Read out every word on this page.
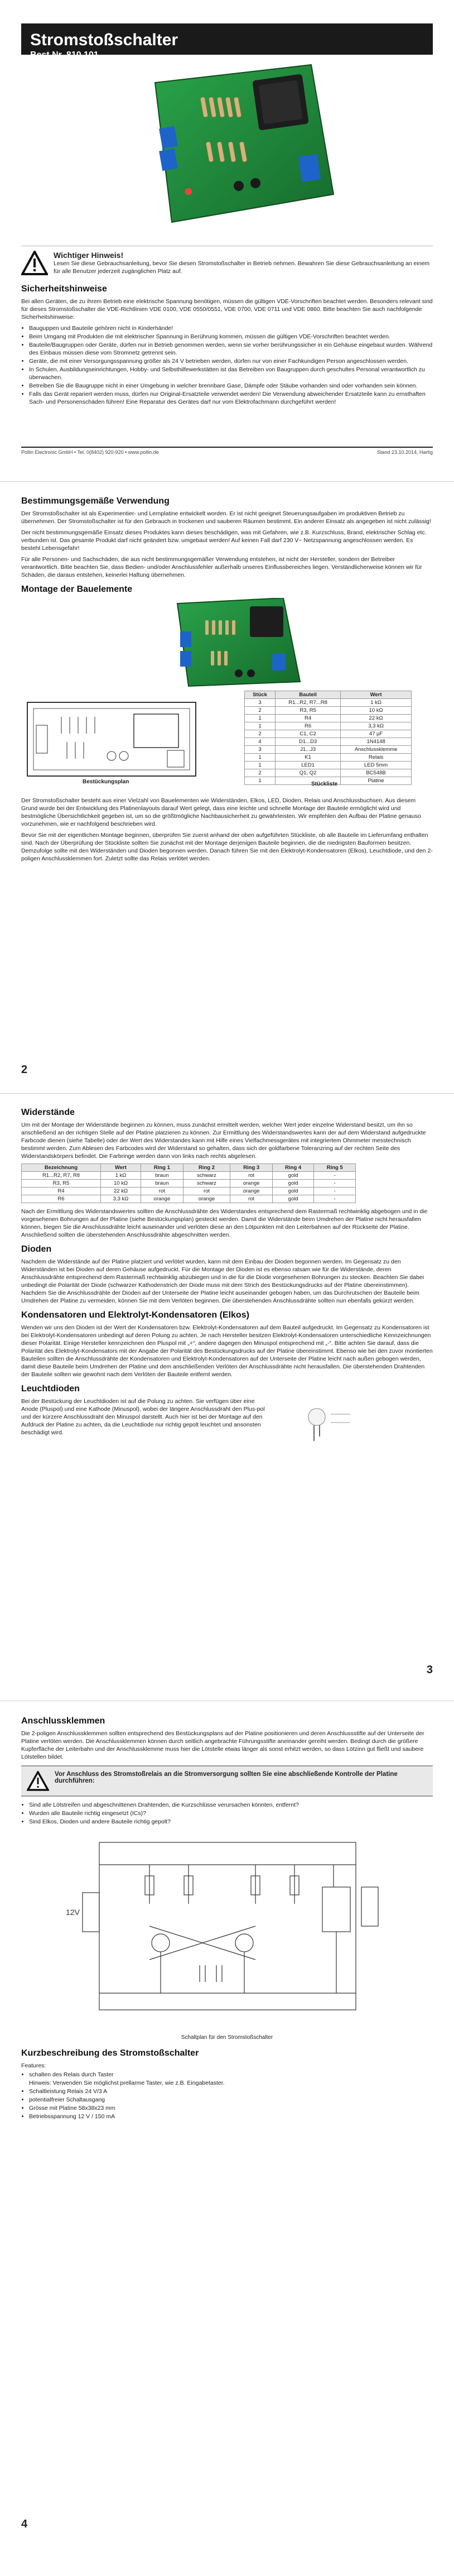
Stromstoßschalter
Best.Nr. 810 101
Wichtiger Hinweis!
Lesen Sie diese Gebrauchsanleitung, bevor Sie diesen Stromstoßschalter in Betrieb nehmen. Bewahren Sie diese Gebrauchsanleitung an einem für alle Benutzer jederzeit zugänglichen Platz auf.
Sicherheitshinweise
Bei allen Geräten, die zu ihrem Betrieb eine elektrische Spannung benötigen, müssen die gültigen VDE-Vorschriften beachtet werden. Besonders relevant sind für dieses Stromstoßschalter die VDE-Richtlinien VDE 0100, VDE 0550/0551, VDE 0700, VDE 0711 und VDE 0860. Bitte beachten Sie auch nachfolgende Sicherheitshinweise:
• Bauguppen und Bauteile gehören nicht in Kinderhände!
• Beim Umgang mit Produkten die mit elektrischer Spannung in Berührung kommen, müssen die gültigen VDE-Vorschriften beachtet werden.
• Bauteile/Baugruppen oder Geräte, dürfen nur in Betrieb genommen werden, wenn sie vorher berührungssicher in ein Gehäuse eingebaut wurden. Während des Einbaus müssen diese vom Stromnetz getrennt sein.
• Geräte, die mit einer Versorgungsspannung größer als 24 V betrieben werden, dürfen nur von einer Fachkundigen Person angeschlossen werden.
• In Schulen, Ausbildungseinrichtungen, Hobby- und Selbsthilfewerkstätten ist das Betreiben von Baugruppen durch geschultes Personal verantwortlich zu überwachen.
• Betreiben Sie die Baugruppe nicht in einer Umgebung in welcher brennbare Gase, Dämpfe oder Stäube vorhanden sind oder vorhanden sein können.
• Falls das Gerät repariert werden muss, dürfen nur Original-Ersatzteile verwendet werden! Die Verwendung abweichender Ersatzteile kann zu ernsthaften Sach- und Personenschäden führen! Eine Reparatur des Gerätes darf nur vom Elektrofachmann durchgeführt werden!
Pollin Electronic GmbH • Tel. 0(8402) 920-920 • www.pollin.de	Stand 23.10.2014, Hartig
Bestimmungsgemäße Verwendung
Der Stromstoßschalter ist als Experimentier- und Lernplatine entwickelt worden. Er ist nicht geeignet Steuerungsaufgaben im produktiven Betrieb zu übernehmen. Der Stromstoßschalter ist für den Gebrauch in trockenen und sauberen Räumen bestimmt. Ein anderer Einsatz als angegeben ist nicht zulässig!
Der nicht bestimmungsgemäße Einsatz dieses Produktes kann dieses beschädigen, was mit Gefahren, wie z.B. Kurzschluss, Brand, elektrischer Schlag etc. verbunden ist. Das gesamte Produkt darf nicht geändert bzw. umgebaut werden! Auf keinen Fall darf 230 V~ Netzspannung angeschlossen werden. Es besteht Lebensgefahr!
Für alle Personen- und Sachschäden, die aus nicht bestimmungsgemäßer Verwendung entstehen, ist nicht der Hersteller, sondern der Betreiber verantwortlich. Bitte beachten Sie, dass Bedien- und/oder Anschlussfehler außerhalb unseres Einflussbereiches liegen. Verständlicherweise können wir für Schäden, die daraus entstehen, keinerlei Haftung übernehmen.
Montage der Bauelemente
Bestückungsplan
Stück	Bauteil	Wert
3	R1...R2, R7...R8	1 kΩ
2	R3, R5	10 kΩ
1	R4	22 kΩ
1	R6	3,3 kΩ
2	C1, C2	47 µF
4	D1...D3	1N4148
3	J1...J3	Anschlussklemme
1	K1	Relais
1	LED1	LED 5mm
2	Q1, Q2	BC548B
1		Platine
Stückliste
Der Stromstoßschalter besteht aus einer Vielzahl von Bauelementen wie Widerständen, Elkos, LED, Dioden, Relais und Anschlussbuchsen. Aus diesem Grund wurde bei der Entwicklung des Platinenlayouts darauf Wert gelegt, dass eine leichte und schnelle Montage der Bauteile ermöglicht wird und bestmögliche Übersichtlichkeit gegeben ist, um so die größtmögliche Nachbausicherheit zu gewährleisten. Wir empfehlen den Aufbau der Platine genauso vorzunehmen, wie er nachfolgend beschrieben wird.
Bevor Sie mit der eigentlichen Montage beginnen, überprüfen Sie zuerst anhand der oben aufgeführten Stückliste, ob alle Bauteile im Lieferumfang enthalten sind. Nach der Überprüfung der Stückliste sollten Sie zunächst mit der Montage derjenigen Bauteile beginnen, die die niedrigsten Bauformen besitzen. Demzufolge sollte mit den Widerständen und Dioden begonnen werden. Danach führen Sie mit den Elektrolyt-Kondensatoren (Elkos), Leuchtdiode, und den 2-poligen Anschlussklemmen fort. Zuletzt sollte das Relais verlötet werden.
2
Widerstände
Um mit der Montage der Widerstände beginnen zu können, muss zunächst ermittelt werden, welcher Wert jeder einzelne Widerstand besitzt, um ihn so anschließend an der richtigen Stelle auf der Platine platzieren zu können. Zur Ermittlung des Widerstandswertes kann der auf dem Widerstand aufgedruckte Farbcode dienen (siehe Tabelle) oder der Wert des Widerstandes kann mit Hilfe eines Vielfachmessgerätes mit integriertem Ohmmeter messtechnisch bestimmt werden. Zum Ablesen des Farbcodes wird der Widerstand so gehalten, dass sich der goldfarbene Toleranzring auf der rechten Seite des Widerstandskörpers befindet. Die Farbringe werden dann von links nach rechts abgelesen.
Bezeichnung	Wert	Ring 1	Ring 2	Ring 3	Ring 4	Ring 5
R1...R2, R7, R8	1 kΩ	braun	schwarz	rot	gold	-
R3, R5	10 kΩ	braun	schwarz	orange	gold	-
R4	22 kΩ	rot	rot	orange	gold	-
R6	3,3 kΩ	orange	orange	rot	gold	-
Nach der Ermittlung des Widerstandswertes sollten die Anschlussdrähte des Widerstandes entsprechend dem Rastermaß rechtwinklig abgebogen und in die vorgesehenen Bohrungen auf der Platine (siehe Bestückungsplan) gesteckt werden. Damit die Widerstände beim Umdrehen der Platine nicht herausfallen können, biegen Sie die Anschlussdrähte leicht auseinander und verlöten diese an den Lötpunkten mit den Leiterbahnen auf der Rückseite der Platine. Anschließend sollten die überstehenden Anschlussdrähte abgeschnitten werden.
Dioden
Nachdem die Widerstände auf der Platine platziert und verlötet wurden, kann mit dem Einbau der Dioden begonnen werden. Im Gegensatz zu den Widerständen ist bei Dioden auf deren Gehäuse aufgedruckt. Für die Montage der Dioden ist es ebenso ratsam wie für die Widerstände, deren Anschlussdrähte entsprechend dem Rastermaß rechtwinklig abzubiegen und in die für die Diode vorgesehenen Bohrungen zu stecken. Beachten Sie dabei unbedingt die Polarität der Diode (schwarzer Kathodenstrich der Diode muss mit dem Strich des Bestückungsdrucks auf der Platine übereinstimmen). Nachdem Sie die Anschlussdrähte der Dioden auf der Unterseite der Platine leicht auseinander gebogen haben, um das Durchrutschen der Bauteile beim Umdrehen der Platine zu vermeiden, können Sie mit dem Verlöten beginnen. Die überstehenden Anschlussdrähte sollten nun ebenfalls gekürzt werden.
Kondensatoren und Elektrolyt-Kondensatoren (Elkos)
Wenden wir uns den Dioden ist der Wert der Kondensatoren bzw. Elektrolyt-Kondensatoren auf dem Bauteil aufgedruckt. Im Gegensatz zu Kondensatoren ist bei Elektrolyt-Kondensatoren unbedingt auf deren Polung zu achten. Je nach Hersteller besitzen Elektrolyt-Kondensatoren unterschiedliche Kennzeichnungen dieser Polarität. Einige Hersteller kennzeichnen den Pluspol mit „+“, andere dagegen den Minuspol entsprechend mit „-“. Bitte achten Sie darauf, dass die Polarität des Elektrolyt-Kondensators mit der Angabe der Polarität des Bestückungsdrucks auf der Platine übereinstimmt. Ebenso wie bei den zuvor montierten Bauteilen sollten die Anschlussdrähte der Kondensatoren und Elektrolyt-Kondensatoren auf der Unterseite der Platine leicht nach außen gebogen werden, damit diese Bauteile beim Umdrehen der Platine und dem anschließenden Verlöten der Anschlussdrähte nicht herausfallen. Die überstehenden Drahtenden der Bauteile sollten wie gewohnt nach dem Verlöten der Bauteile entfernt werden.
Leuchtdioden
Bei der Bestückung der Leuchtdioden ist auf die Polung zu achten. Sie verfügen über eine Anode (Pluspol) und eine Kathode (Minuspol), wobei der längere Anschlussdraht den Plus-pol und der kürzere Anschlussdraht den Minuspol darstellt. Auch hier ist bei der Montage auf den Aufdruck der Platine zu achten, da die Leuchtdiode nur richtig gepolt leuchtet und ansonsten beschädigt wird.
3
Anschlussklemmen
Die 2-poligen Anschlussklemmen sollten entsprechend des Bestückungsplans auf der Platine positionieren und deren Anschlussstifte auf der Unterseite der Platine verlöten werden. Die Anschlussklemmen können durch seitlich angebrachte Führungsstifte aneinander gereiht werden. Bedingt durch die größere Kupferfläche der Leiterbahn und der Anschlussklemme muss hier die Lötstelle etwas länger als sonst erhitzt werden, so dass Lötzinn gut fließt und saubere Lötstellen bildet.
Vor Anschluss des Stromstoßrelais an die Stromversorgung sollten Sie eine abschließende Kontrolle der Platine durchführen:
• Sind alle Lötstreifen und abgeschnittenen Drahtenden, die Kurzschlüsse verursachen könnten, entfernt?
• Wurden alle Bauteile richtig eingesetzt (ICs)?
• Sind Elkos, Dioden und andere Bauteile richtig gepolt?
12V
Schaltplan für den Stromstoßschalter
Kurzbeschreibung des Stromstoßschalter
Features:
• schalten des Relais durch Taster
Hinweis: Verwenden Sie möglichst prellarme Taster, wie z.B. Eingabetaster.
• Schaltleistung Relais 24 V/3 A
• potentialfreier Schaltausgang
• Grösse mit Platine 58x38x23 mm
• Betriebsspannung 12 V / 150 mA
4
